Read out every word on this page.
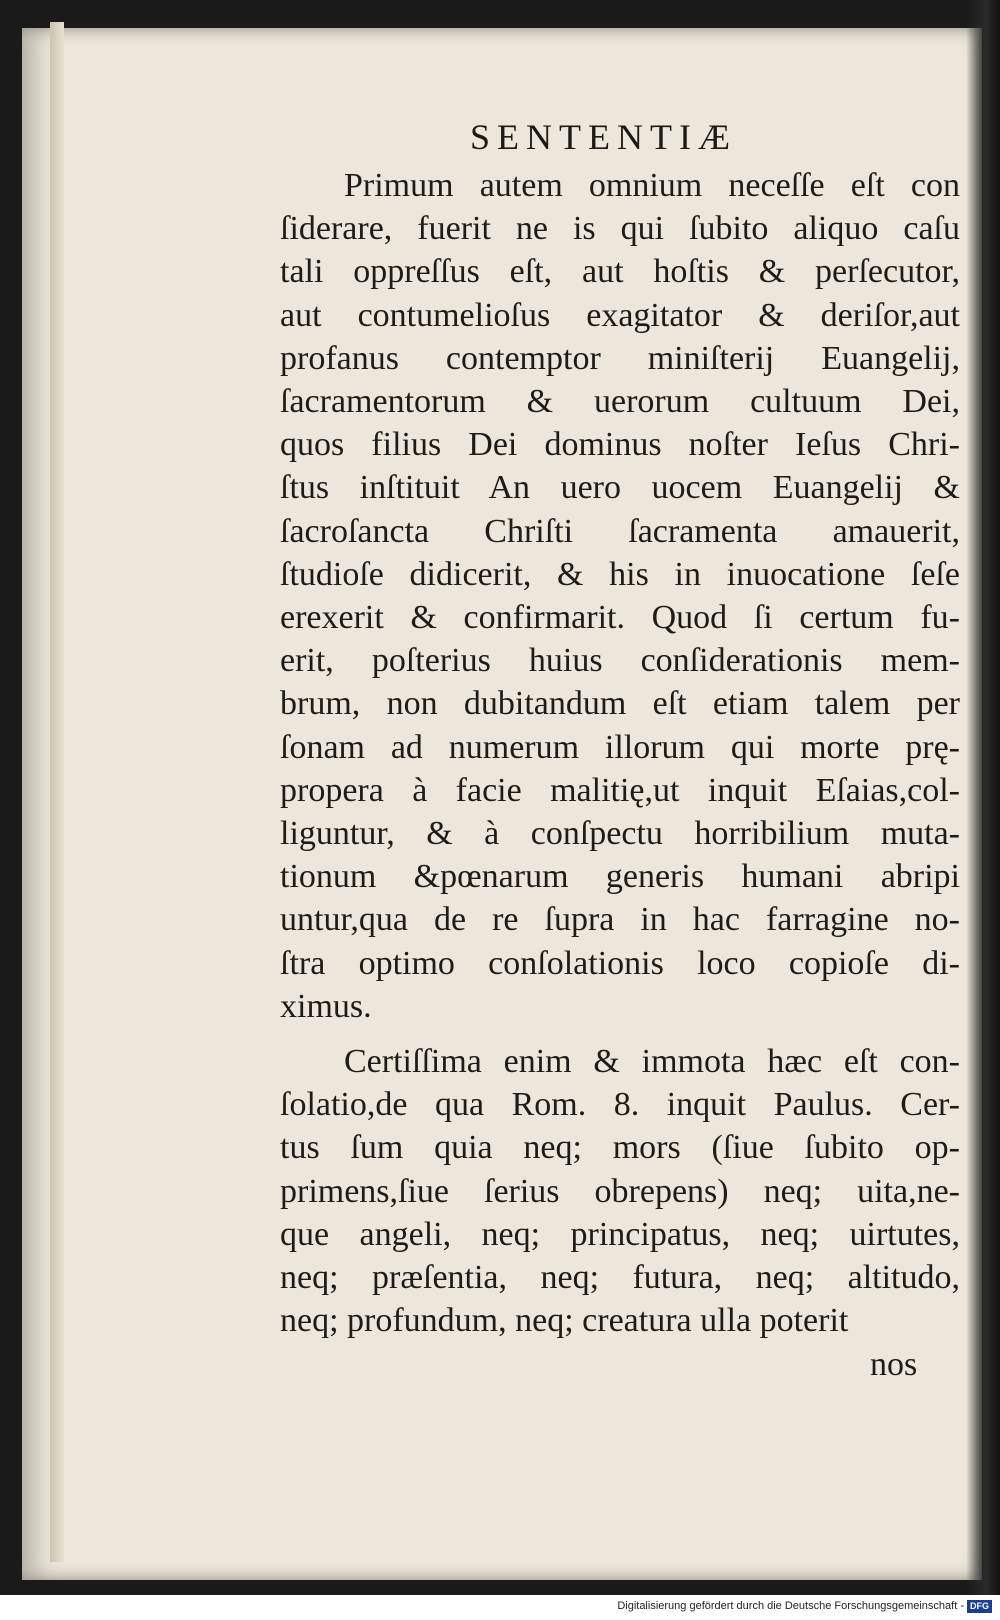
SENTENTIÆ
Primum autem omnium neceſſe eſt con
ſiderare, fuerit ne is qui ſubito aliquo caſu
tali oppreſſus eſt, aut hoſtis & perſecutor,
aut contumelioſus exagitator & deriſor,aut
profanus contemptor miniſterij Euangelij,
ſacramentorum & uerorum cultuum Dei,
quos filius Dei dominus noſter Ieſus Chri-
ſtus inſtituit An uero uocem Euangelij &
ſacroſancta Chriſti ſacramenta amauerit,
ſtudioſe didicerit, & his in inuocatione ſeſe
erexerit & confirmarit. Quod ſi certum fu-
erit, poſterius huius conſiderationis mem-
brum, non dubitandum eſt etiam talem per
ſonam ad numerum illorum qui morte prę-
propera à facie malitię,ut inquit Eſaias,col-
liguntur, & à conſpectu horribilium muta-
tionum &pœnarum generis humani abripi
untur,qua de re ſupra in hac farragine no-
ſtra optimo conſolationis loco copioſe di-
ximus.
Certiſſima enim & immota hæc eſt con-
ſolatio,de qua Rom. 8. inquit Paulus. Cer-
tus ſum quia neq; mors (ſiue ſubito op-
primens,ſiue ſerius obrepens) neq; uita,ne-
que angeli, neq; principatus, neq; uirtutes,
neq; præſentia, neq; futura, neq; altitudo,
neq; profundum, neq; creatura ulla poterit
nos
Digitalisierung gefördert durch die Deutsche Forschungsgemeinschaft - DFG
